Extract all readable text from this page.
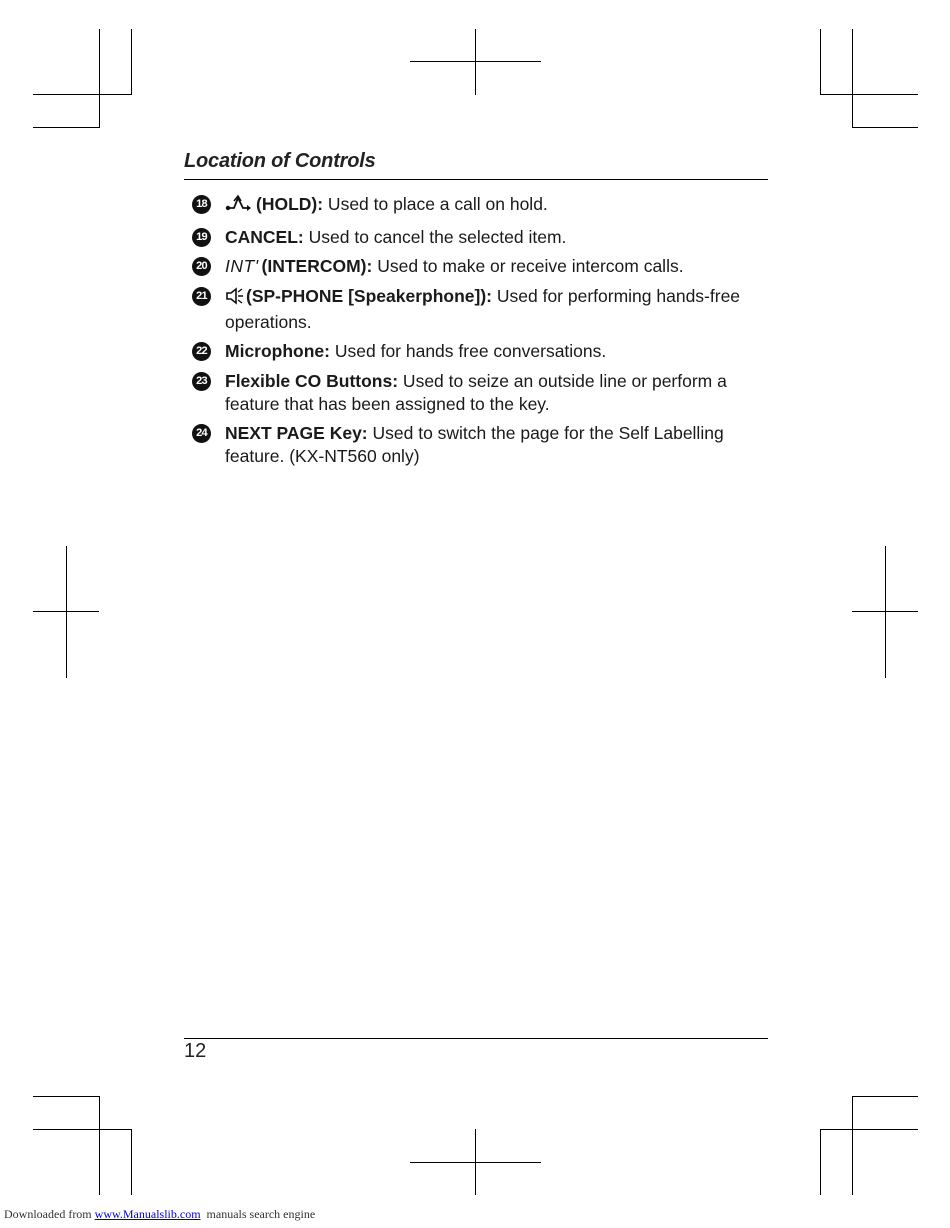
Location of Controls
18	(HOLD): Used to place a call on hold.
19 CANCEL: Used to cancel the selected item.
20 INT' (INTERCOM): Used to make or receive intercom calls.
21 (SP-PHONE [Speakerphone]): Used for performing hands-free operations.
22 Microphone: Used for hands free conversations.
23 Flexible CO Buttons: Used to seize an outside line or perform a feature that has been assigned to the key.
24 NEXT PAGE Key: Used to switch the page for the Self Labelling feature. (KX-NT560 only)
12
Downloaded from www.Manualslib.com  manuals search engine
